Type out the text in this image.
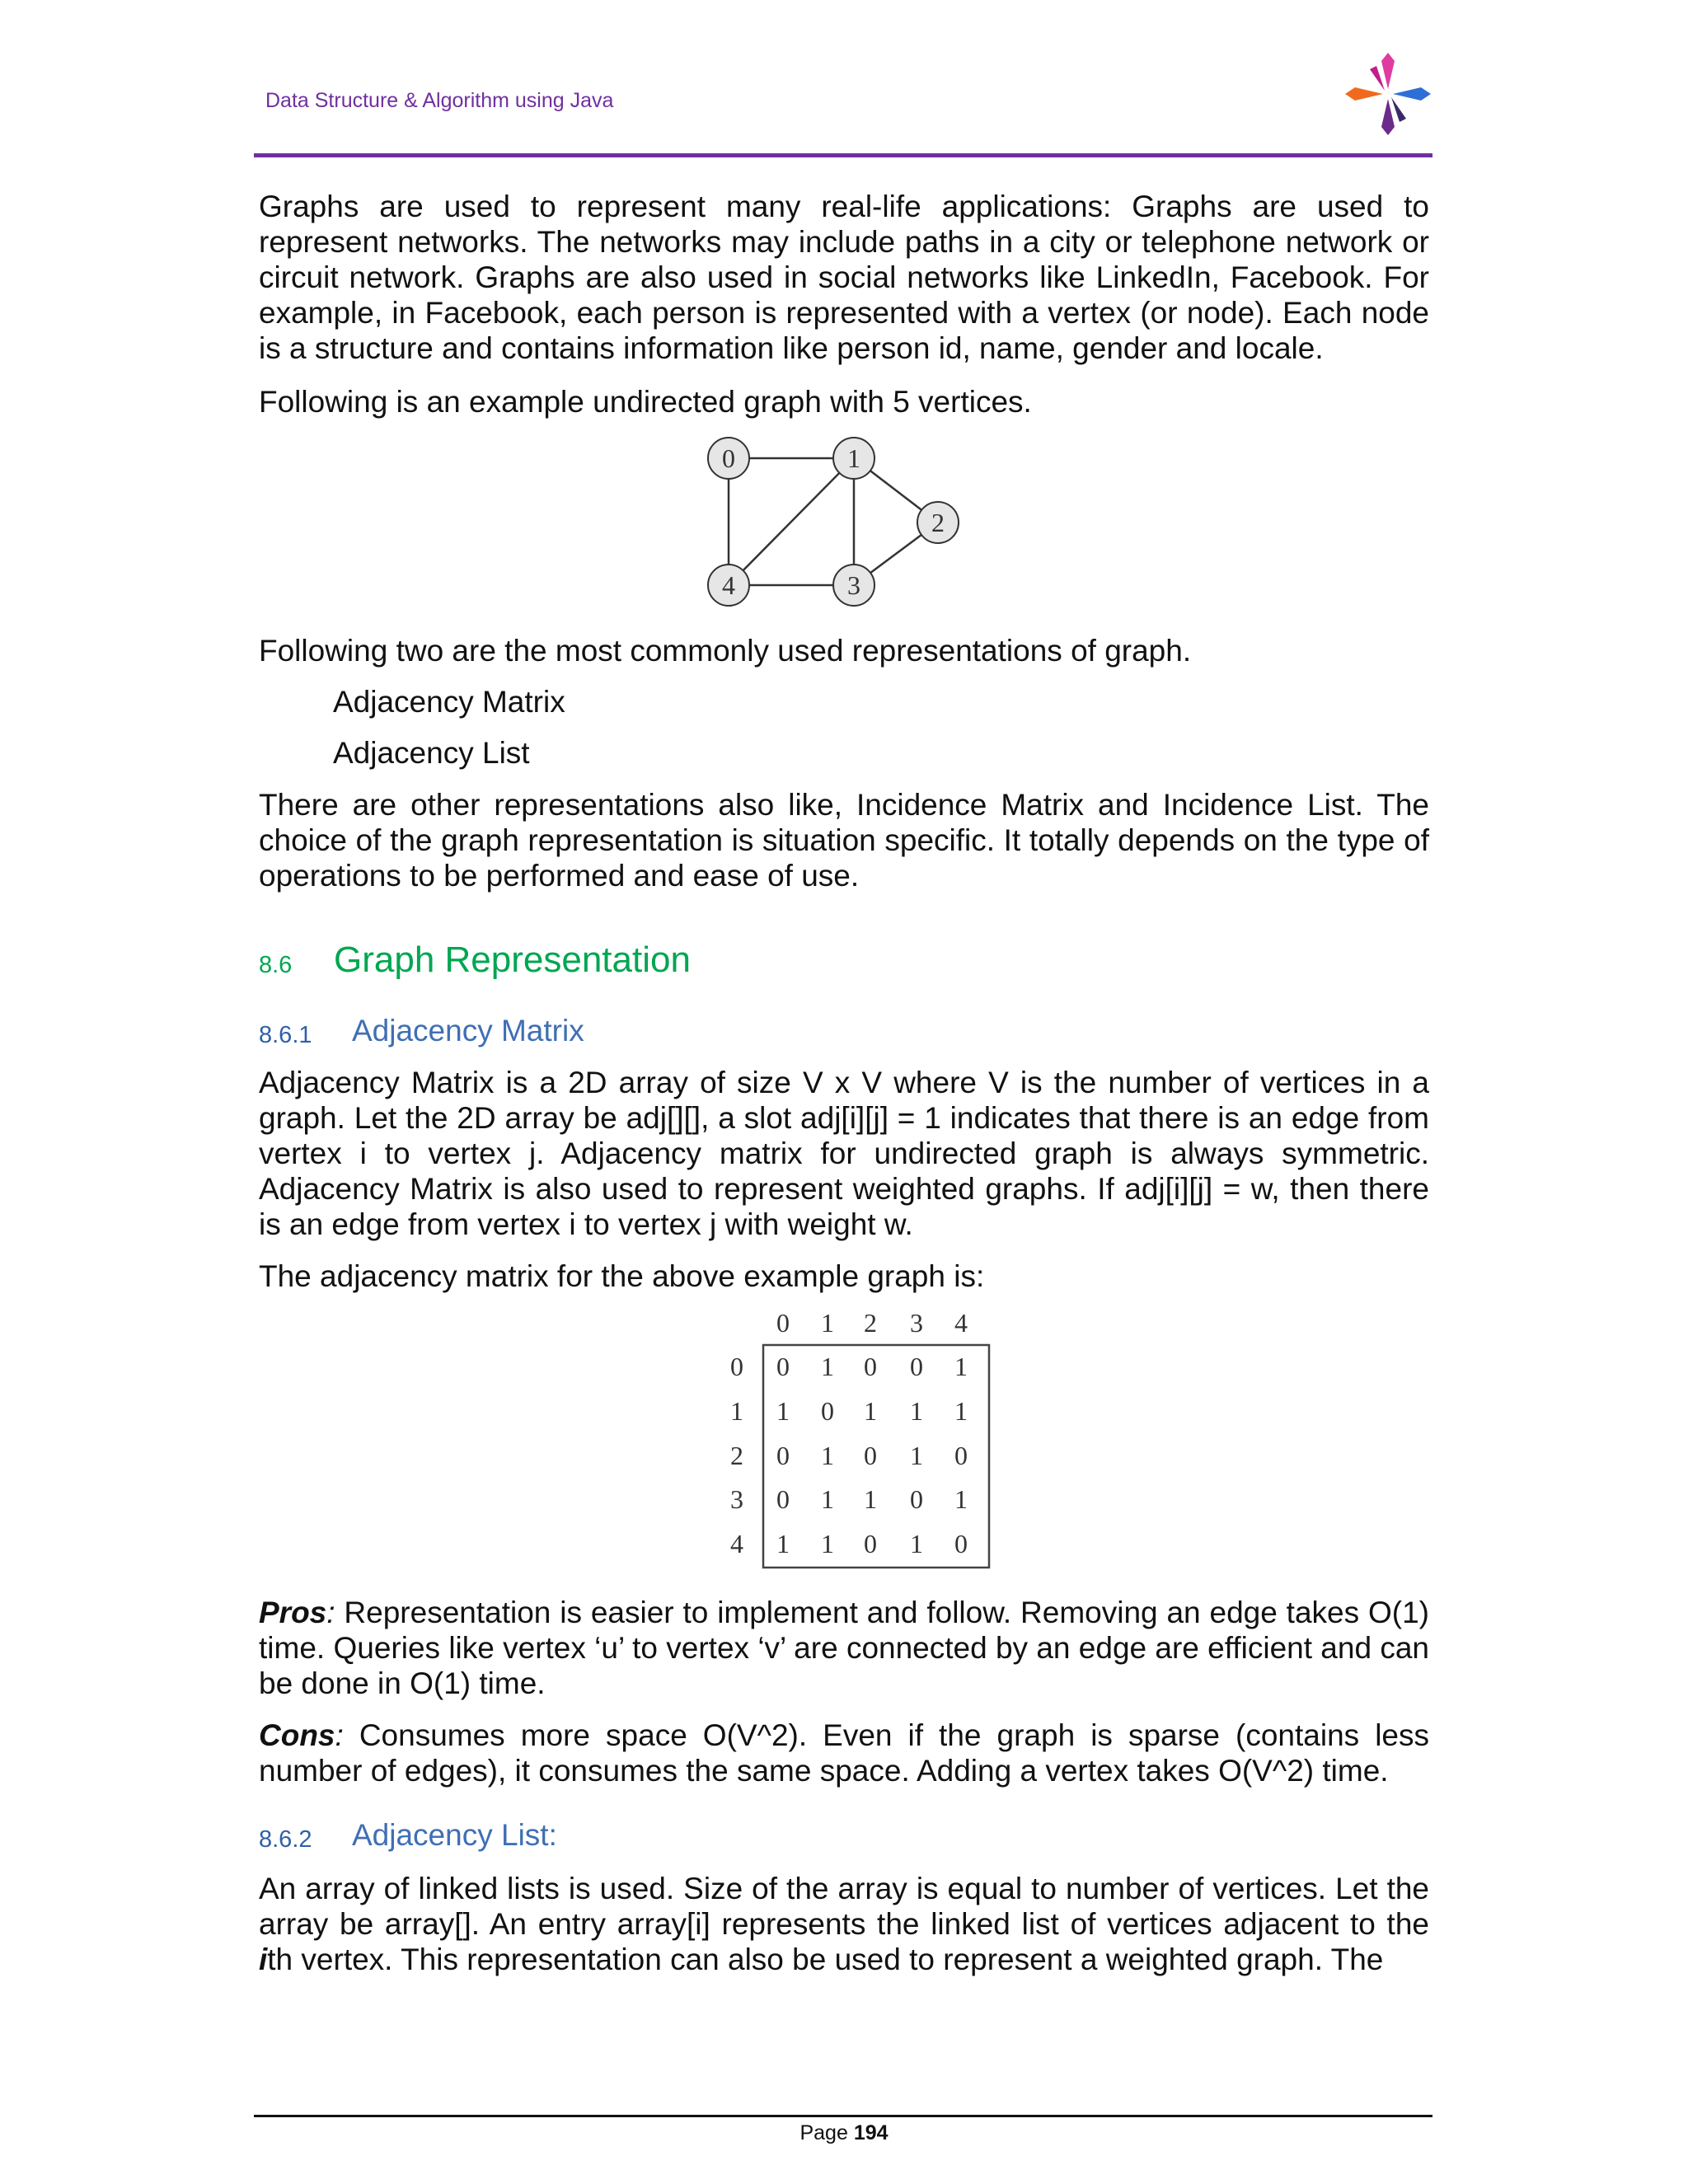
Data Structure & Algorithm using Java
Graphs are used to represent many real-life applications: Graphs are used to represent networks. The networks may include paths in a city or telephone network or circuit network. Graphs are also used in social networks like LinkedIn, Facebook. For example, in Facebook, each person is represented with a vertex (or node). Each node is a structure and contains information like person id, name, gender and locale.
Following is an example undirected graph with 5 vertices.
0	1
2
3
4
Following two are the most commonly used representations of graph.
Adjacency Matrix
Adjacency List
There are other representations also like, Incidence Matrix and Incidence List. The choice of the graph representation is situation specific. It totally depends on the type of operations to be performed and ease of use.
8.6 Graph Representation
8.6.1 Adjacency Matrix
Adjacency Matrix is a 2D array of size V x V where V is the number of vertices in a graph. Let the 2D array be adj[][], a slot adj[i][j] = 1 indicates that there is an edge from vertex i to vertex j. Adjacency matrix for undirected graph is always symmetric. Adjacency Matrix is also used to represent weighted graphs. If adj[i][j] = w, then there is an edge from vertex i to vertex j with weight w.
The adjacency matrix for the above example graph is:
0 1 2 3 4
0
1
2
3
4
0 1 0 0 1
1 0 1 1 1
0 1 0 1 0
0 1 1 0 1
1 1 0 1 0
Pros: Representation is easier to implement and follow. Removing an edge takes O(1) time. Queries like vertex ‘u’ to vertex ‘v’ are connected by an edge are efficient and can be done in O(1) time.
Cons: Consumes more space O(V^2). Even if the graph is sparse (contains less number of edges), it consumes the same space. Adding a vertex takes O(V^2) time.
8.6.2 Adjacency List:
An array of linked lists is used. Size of the array is equal to number of vertices. Let the array be array[]. An entry array[i] represents the linked list of vertices adjacent to the ith vertex. This representation can also be used to represent a weighted graph. The
Page 194
